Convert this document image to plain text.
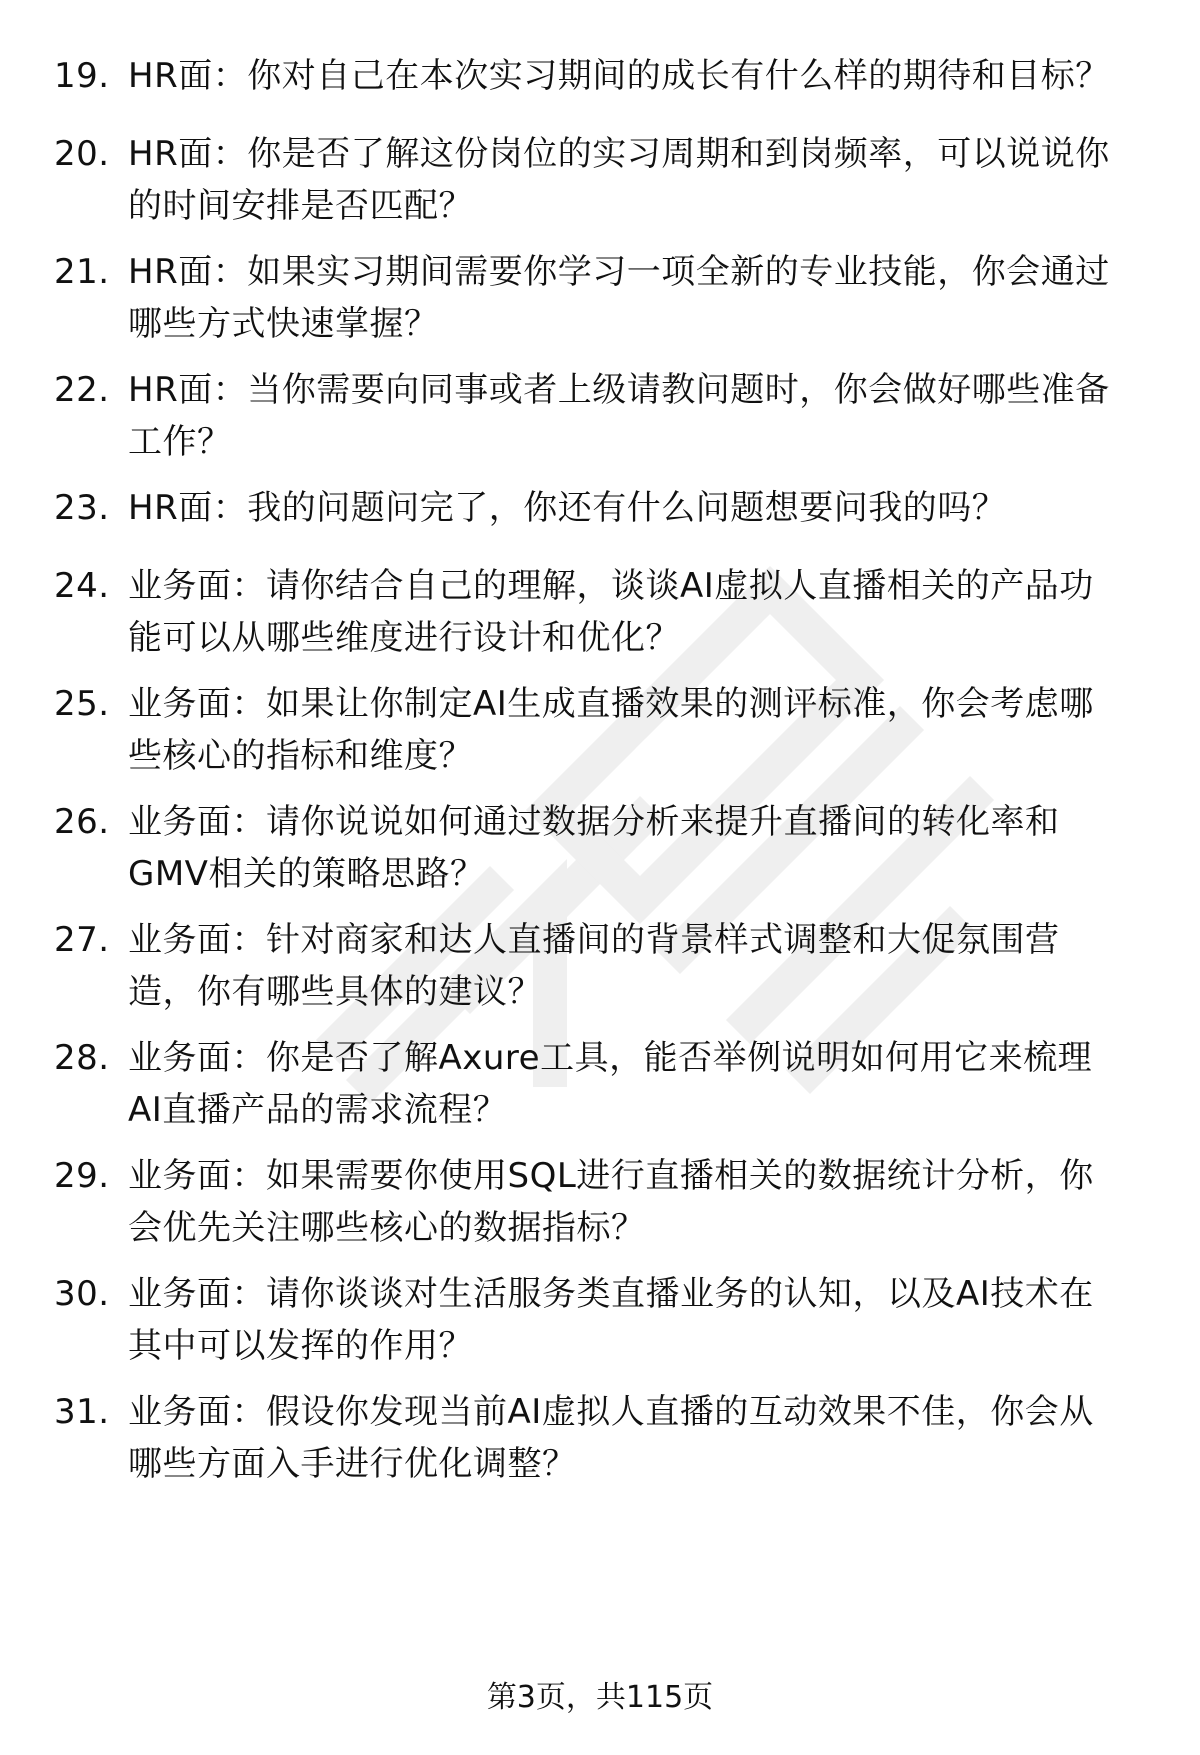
19. HR面：你对自己在本次实习期间的成长有什么样的期待和目标？
20. HR面：你是否了解这份岗位的实习周期和到岗频率，可以说说你
的时间安排是否匹配？
21. HR面：如果实习期间需要你学习一项全新的专业技能，你会通过
哪些方式快速掌握？
22. HR面：当你需要向同事或者上级请教问题时，你会做好哪些准备
工作？
23. HR面：我的问题问完了，你还有什么问题想要问我的吗？
24. 业务面：请你结合自己的理解，谈谈AI虚拟人直播相关的产品功
能可以从哪些维度进行设计和优化？
25. 业务面：如果让你制定AI生成直播效果的测评标准，你会考虑哪
些核心的指标和维度？
26. 业务面：请你说说如何通过数据分析来提升直播间的转化率和
GMV相关的策略思路？
27. 业务面：针对商家和达人直播间的背景样式调整和大促氛围营
造，你有哪些具体的建议？
28. 业务面：你是否了解Axure工具，能否举例说明如何用它来梳理
AI直播产品的需求流程？
29. 业务面：如果需要你使用SQL进行直播相关的数据统计分析，你
会优先关注哪些核心的数据指标？
30. 业务面：请你谈谈对生活服务类直播业务的认知，以及AI技术在
其中可以发挥的作用？
31. 业务面：假设你发现当前AI虚拟人直播的互动效果不佳，你会从
哪些方面入手进行优化调整？
第3页，共115页
